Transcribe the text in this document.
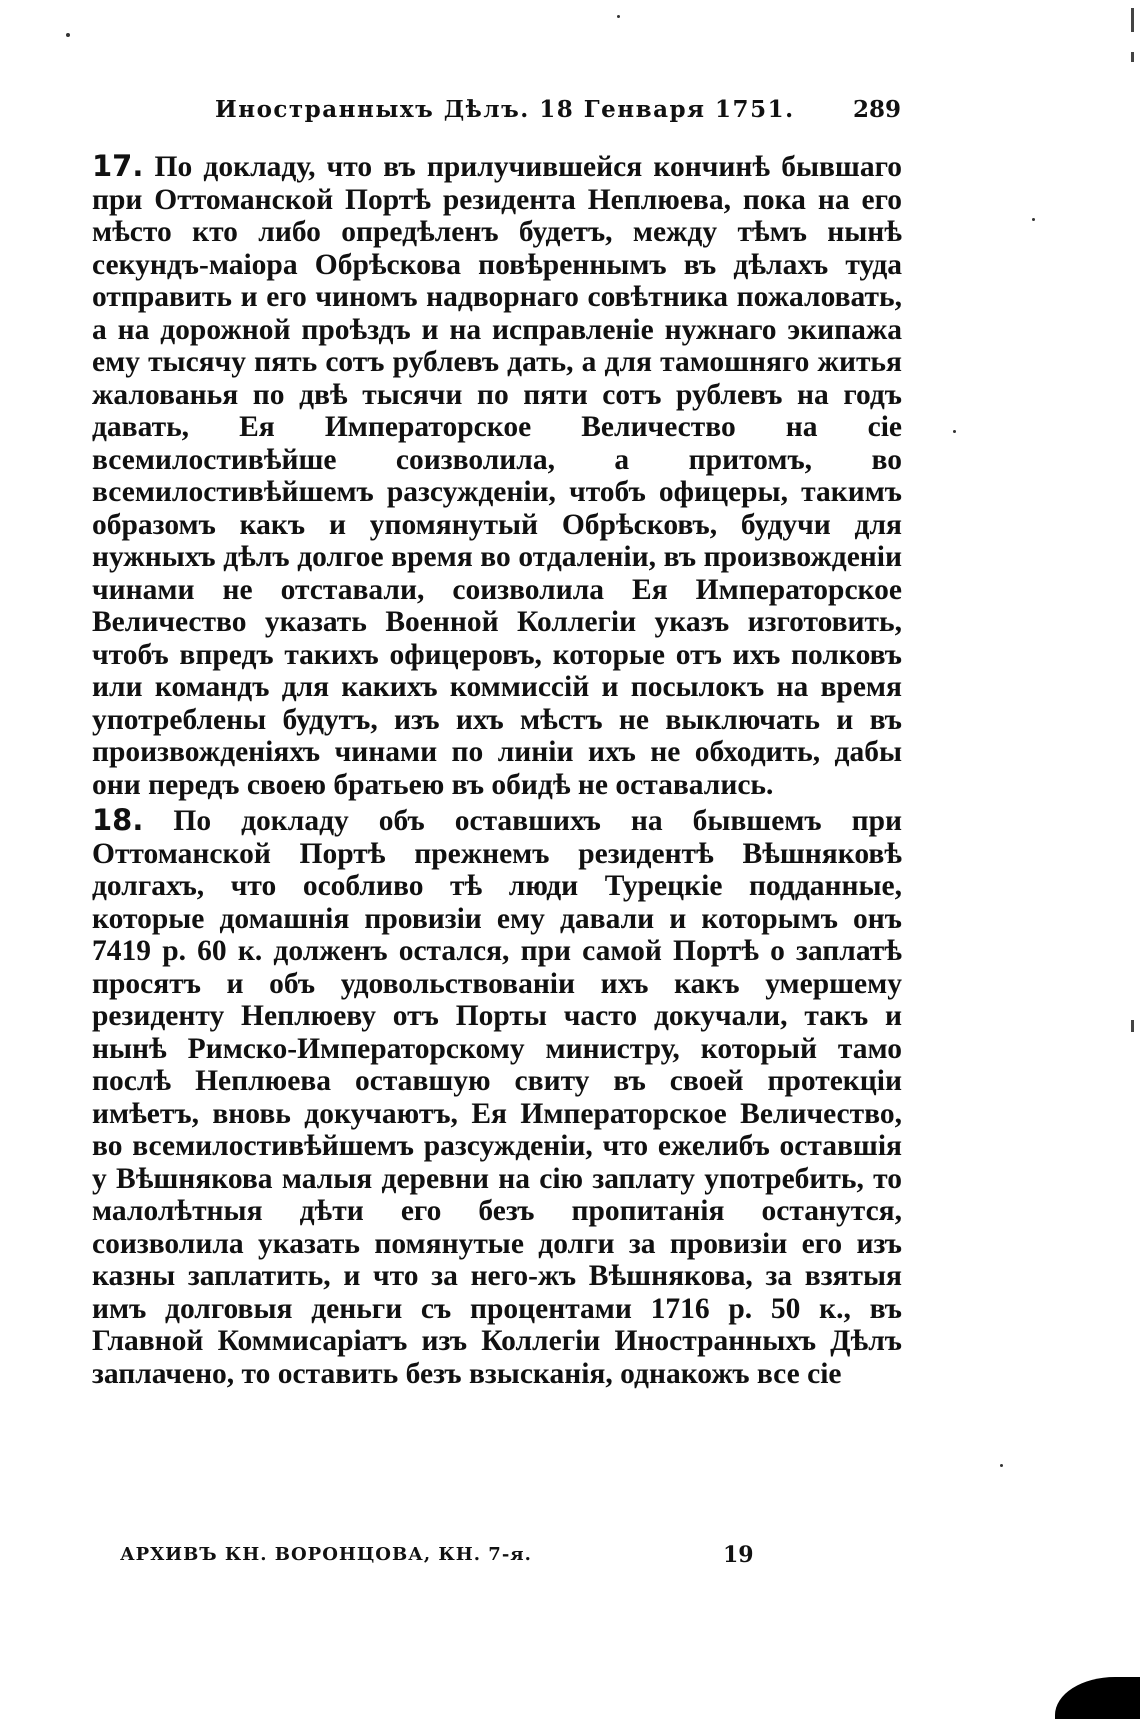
Иностранныхъ Дѣлъ. 18 Генваря 1751.	289

17. По докладу, что въ прилучившейся кончинѣ бывшаго при Оттоманской Портѣ резидента Неплюева, пока на его мѣсто кто либо опредѣленъ будетъ, между тѣмъ нынѣ секундъ-маiора Обрѣскова повѣреннымъ въ дѣлахъ туда отправить и его чиномъ надворнаго совѣтника пожаловать, а на дорожной проѣздъ и на исправленiе нужнаго экипажа ему тысячу пять сотъ рублевъ дать, а для тамошняго житья жалованья по двѣ тысячи по пяти сотъ рублевъ на годъ давать, Ея Императорское Величество на сiе всемилостивѣйше соизволила, а притомъ, во всемилостивѣйшемъ разсужденiи, чтобъ офицеры, такимъ образомъ какъ и упомянутый Обрѣсковъ, будучи для нужныхъ дѣлъ долгое время во отдаленiи, въ произвожденiи чинами не отставали, соизволила Ея Императорское Величество указать Военной Коллегiи указъ изготовить, чтобъ впредъ такихъ офицеровъ, которые отъ ихъ полковъ или командъ для какихъ коммиссiй и посылокъ на время употреблены будутъ, изъ ихъ мѣстъ не выключать и въ произвожденiяхъ чинами по линiи ихъ не обходить, дабы они передъ своею братьею въ обидѣ не оставались.

18. По докладу объ оставшихъ на бывшемъ при Оттоманской Портѣ прежнемъ резидентѣ Вѣшняковѣ долгахъ, что особливо тѣ люди Турецкiе подданные, которые домашнiя провизiи ему давали и которымъ онъ 7419 р. 60 к. долженъ остался, при самой Портѣ о заплатѣ просятъ и объ удовольствованiи ихъ какъ умершему резиденту Неплюеву отъ Порты часто докучали, такъ и нынѣ Римско-Императорскому министру, который тамо послѣ Неплюева оставшую свиту въ своей протекцiи имѣетъ, вновь докучаютъ, Ея Императорское Величество, во всемилостивѣйшемъ разсужденiи, что ежелибъ оставшiя у Вѣшнякова малыя деревни на сiю заплату употребить, то малолѣтныя дѣти его безъ пропитанiя останутся, соизволила указать помянутые долги за провизiи его изъ казны заплатить, и что за него-жъ Вѣшнякова, за взятыя имъ долговыя деньги съ процентами 1716 р. 50 к., въ Главной Коммисарiатъ изъ Коллегiи Иностранныхъ Дѣлъ заплачено, то оставить безъ взысканiя, однакожъ все сiе

АРХИВЪ КН. ВОРОНЦОВА, КН. 7-я.	19
